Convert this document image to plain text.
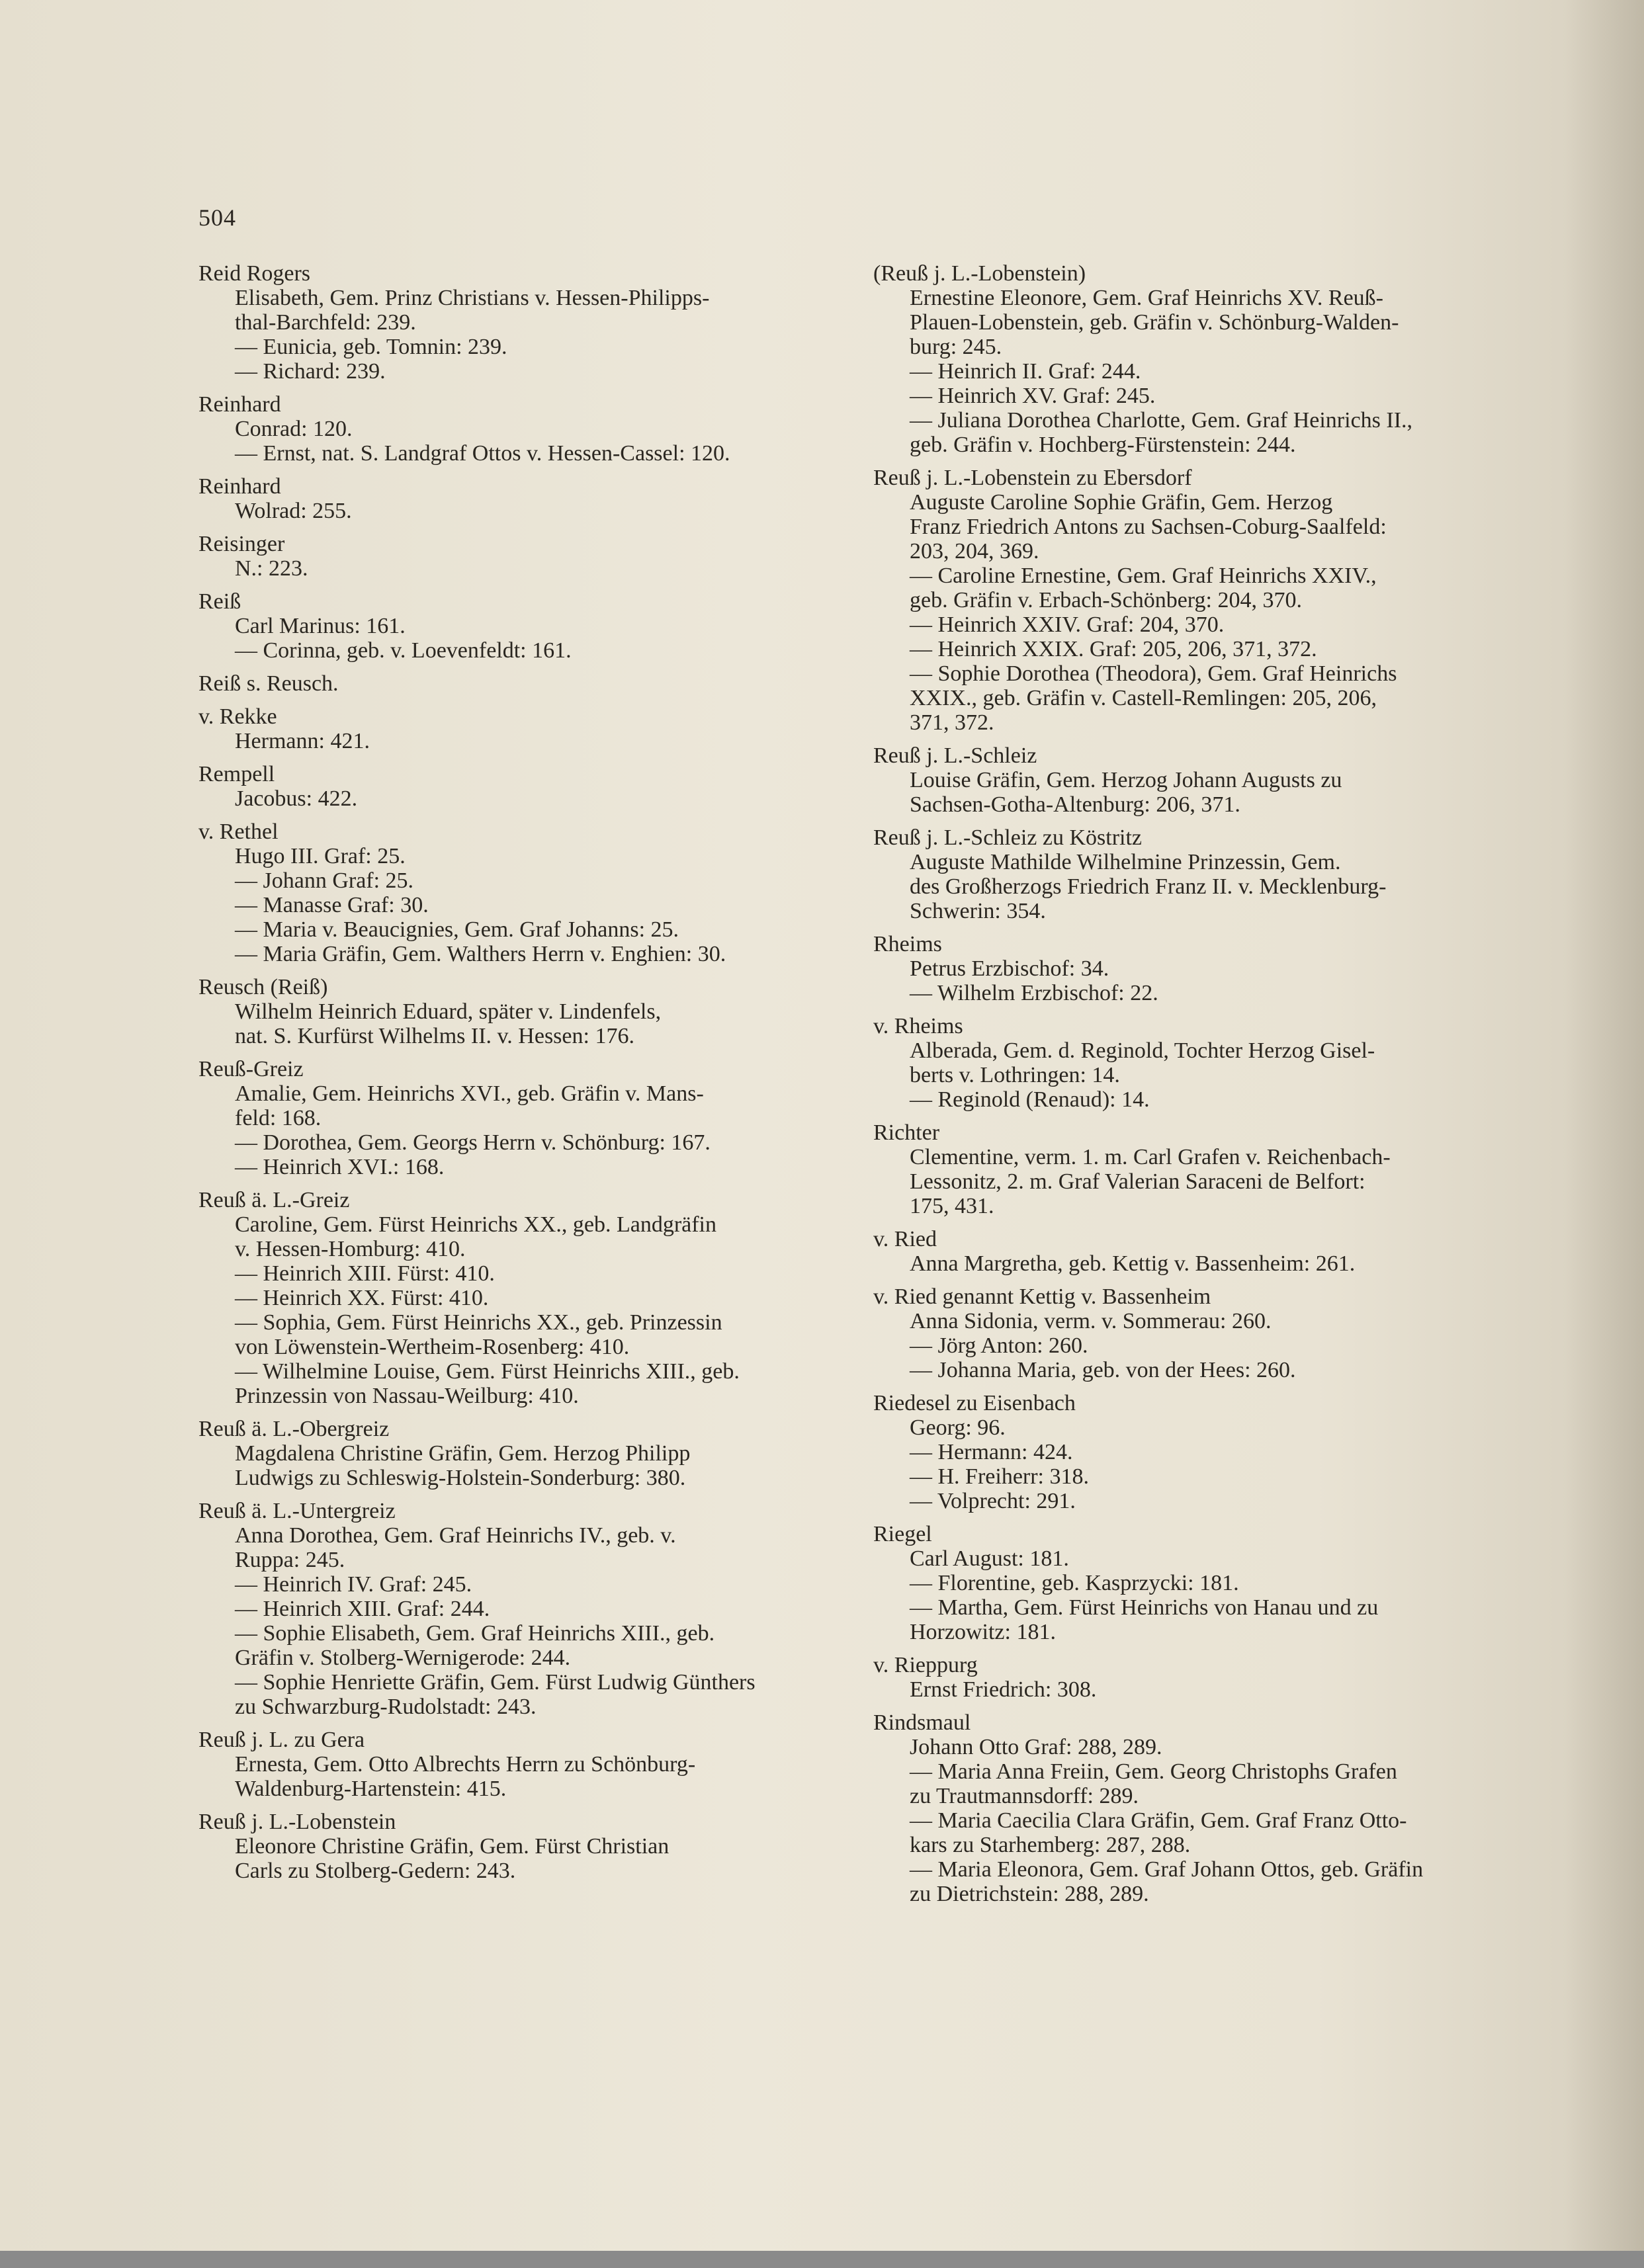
504
Reid Rogers
Elisabeth, Gem. Prinz Christians v. Hessen-Philipps-
thal-Barchfeld: 239.
— Eunicia, geb. Tomnin: 239.
— Richard: 239.
Reinhard
Conrad: 120.
— Ernst, nat. S. Landgraf Ottos v. Hessen-Cassel: 120.
Reinhard
Wolrad: 255.
Reisinger
N.: 223.
Reiß
Carl Marinus: 161.
— Corinna, geb. v. Loevenfeldt: 161.
Reiß s. Reusch.
v. Rekke
Hermann: 421.
Rempell
Jacobus: 422.
v. Rethel
Hugo III. Graf: 25.
— Johann Graf: 25.
— Manasse Graf: 30.
— Maria v. Beaucignies, Gem. Graf Johanns: 25.
— Maria Gräfin, Gem. Walthers Herrn v. Enghien: 30.
Reusch (Reiß)
Wilhelm Heinrich Eduard, später v. Lindenfels,
nat. S. Kurfürst Wilhelms II. v. Hessen: 176.
Reuß-Greiz
Amalie, Gem. Heinrichs XVI., geb. Gräfin v. Mans-
feld: 168.
— Dorothea, Gem. Georgs Herrn v. Schönburg: 167.
— Heinrich XVI.: 168.
Reuß ä. L.-Greiz
Caroline, Gem. Fürst Heinrichs XX., geb. Landgräfin
v. Hessen-Homburg: 410.
— Heinrich XIII. Fürst: 410.
— Heinrich XX. Fürst: 410.
— Sophia, Gem. Fürst Heinrichs XX., geb. Prinzessin
von Löwenstein-Wertheim-Rosenberg: 410.
— Wilhelmine Louise, Gem. Fürst Heinrichs XIII., geb.
Prinzessin von Nassau-Weilburg: 410.
Reuß ä. L.-Obergreiz
Magdalena Christine Gräfin, Gem. Herzog Philipp
Ludwigs zu Schleswig-Holstein-Sonderburg: 380.
Reuß ä. L.-Untergreiz
Anna Dorothea, Gem. Graf Heinrichs IV., geb. v.
Ruppa: 245.
— Heinrich IV. Graf: 245.
— Heinrich XIII. Graf: 244.
— Sophie Elisabeth, Gem. Graf Heinrichs XIII., geb.
Gräfin v. Stolberg-Wernigerode: 244.
— Sophie Henriette Gräfin, Gem. Fürst Ludwig Günthers
zu Schwarzburg-Rudolstadt: 243.
Reuß j. L. zu Gera
Ernesta, Gem. Otto Albrechts Herrn zu Schönburg-
Waldenburg-Hartenstein: 415.
Reuß j. L.-Lobenstein
Eleonore Christine Gräfin, Gem. Fürst Christian
Carls zu Stolberg-Gedern: 243.
(Reuß j. L.-Lobenstein)
Ernestine Eleonore, Gem. Graf Heinrichs XV. Reuß-
Plauen-Lobenstein, geb. Gräfin v. Schönburg-Walden-
burg: 245.
— Heinrich II. Graf: 244.
— Heinrich XV. Graf: 245.
— Juliana Dorothea Charlotte, Gem. Graf Heinrichs II.,
geb. Gräfin v. Hochberg-Fürstenstein: 244.
Reuß j. L.-Lobenstein zu Ebersdorf
Auguste Caroline Sophie Gräfin, Gem. Herzog
Franz Friedrich Antons zu Sachsen-Coburg-Saalfeld:
203, 204, 369.
— Caroline Ernestine, Gem. Graf Heinrichs XXIV.,
geb. Gräfin v. Erbach-Schönberg: 204, 370.
— Heinrich XXIV. Graf: 204, 370.
— Heinrich XXIX. Graf: 205, 206, 371, 372.
— Sophie Dorothea (Theodora), Gem. Graf Heinrichs
XXIX., geb. Gräfin v. Castell-Remlingen: 205, 206,
371, 372.
Reuß j. L.-Schleiz
Louise Gräfin, Gem. Herzog Johann Augusts zu
Sachsen-Gotha-Altenburg: 206, 371.
Reuß j. L.-Schleiz zu Köstritz
Auguste Mathilde Wilhelmine Prinzessin, Gem.
des Großherzogs Friedrich Franz II. v. Mecklenburg-
Schwerin: 354.
Rheims
Petrus Erzbischof: 34.
— Wilhelm Erzbischof: 22.
v. Rheims
Alberada, Gem. d. Reginold, Tochter Herzog Gisel-
berts v. Lothringen: 14.
— Reginold (Renaud): 14.
Richter
Clementine, verm. 1. m. Carl Grafen v. Reichenbach-
Lessonitz, 2. m. Graf Valerian Saraceni de Belfort:
175, 431.
v. Ried
Anna Margretha, geb. Kettig v. Bassenheim: 261.
v. Ried genannt Kettig v. Bassenheim
Anna Sidonia, verm. v. Sommerau: 260.
— Jörg Anton: 260.
— Johanna Maria, geb. von der Hees: 260.
Riedesel zu Eisenbach
Georg: 96.
— Hermann: 424.
— H. Freiherr: 318.
— Volprecht: 291.
Riegel
Carl August: 181.
— Florentine, geb. Kasprzycki: 181.
— Martha, Gem. Fürst Heinrichs von Hanau und zu
Horzowitz: 181.
v. Rieppurg
Ernst Friedrich: 308.
Rindsmaul
Johann Otto Graf: 288, 289.
— Maria Anna Freiin, Gem. Georg Christophs Grafen
zu Trautmannsdorff: 289.
— Maria Caecilia Clara Gräfin, Gem. Graf Franz Otto-
kars zu Starhemberg: 287, 288.
— Maria Eleonora, Gem. Graf Johann Ottos, geb. Gräfin
zu Dietrichstein: 288, 289.
